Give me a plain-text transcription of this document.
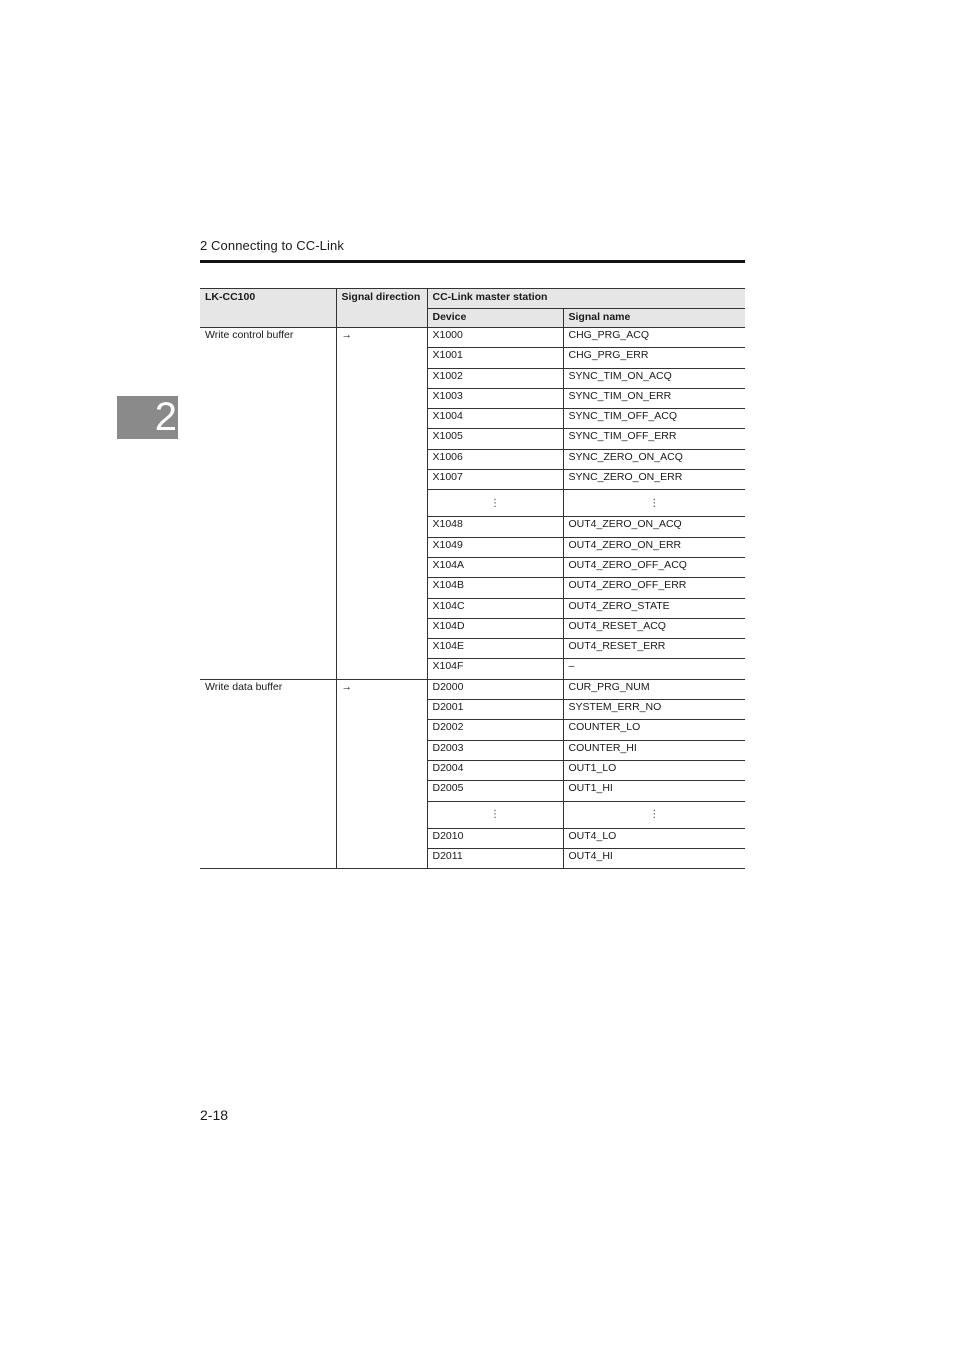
2 Connecting to CC-Link
2
LK-CC100	Signal direction	CC-Link master station	
		Device	Signal name
Write control buffer	→	X1000	CHG_PRG_ACQ
		X1001	CHG_PRG_ERR
		X1002	SYNC_TIM_ON_ACQ
		X1003	SYNC_TIM_ON_ERR
		X1004	SYNC_TIM_OFF_ACQ
		X1005	SYNC_TIM_OFF_ERR
		X1006	SYNC_ZERO_ON_ACQ
		X1007	SYNC_ZERO_ON_ERR
		⋮	⋮
		X1048	OUT4_ZERO_ON_ACQ
		X1049	OUT4_ZERO_ON_ERR
		X104A	OUT4_ZERO_OFF_ACQ
		X104B	OUT4_ZERO_OFF_ERR
		X104C	OUT4_ZERO_STATE
		X104D	OUT4_RESET_ACQ
		X104E	OUT4_RESET_ERR
		X104F	–
Write data buffer	→	D2000	CUR_PRG_NUM
		D2001	SYSTEM_ERR_NO
		D2002	COUNTER_LO
		D2003	COUNTER_HI
		D2004	OUT1_LO
		D2005	OUT1_HI
		⋮	⋮
		D2010	OUT4_LO
		D2011	OUT4_HI
2-18
